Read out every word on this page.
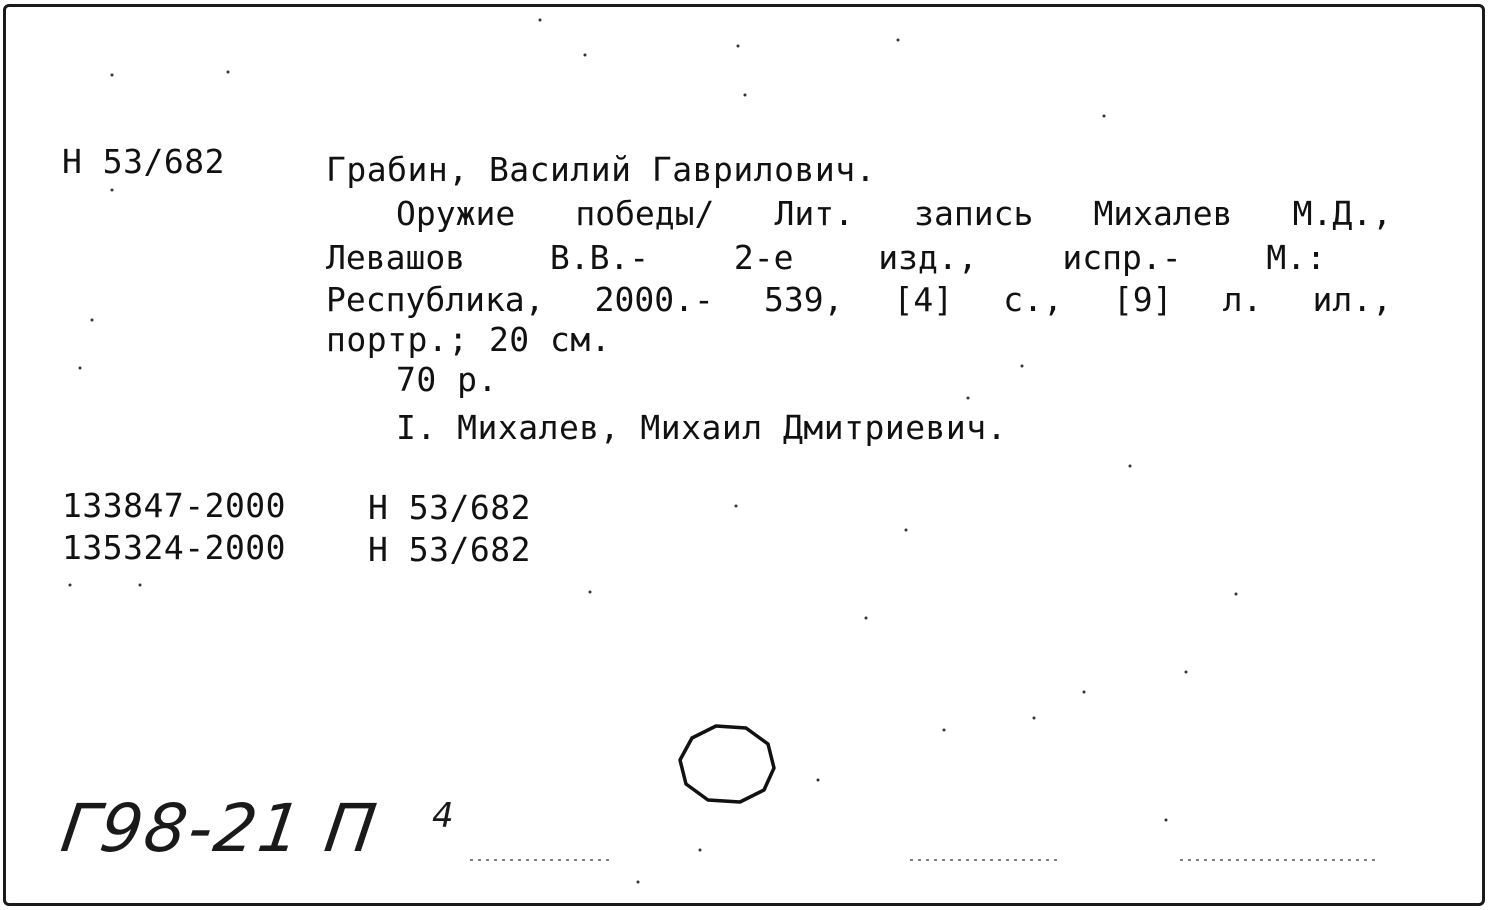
Н 53/682	Грабин, Василий Гаврилович.
Оружие победы/ Лит. запись Михалев М.Д.,
Левашов	В.В.-	2-е	изд.,	испр.-	М.:
Республика, 2000.- 539, [4] с., [9] л. ил.,
портр.; 20 см.
70 р.
I. Михалев, Михаил Дмитриевич.
133847-2000 Н 53/682
135324-2000 Н 53/682
Г98-21 П 4
